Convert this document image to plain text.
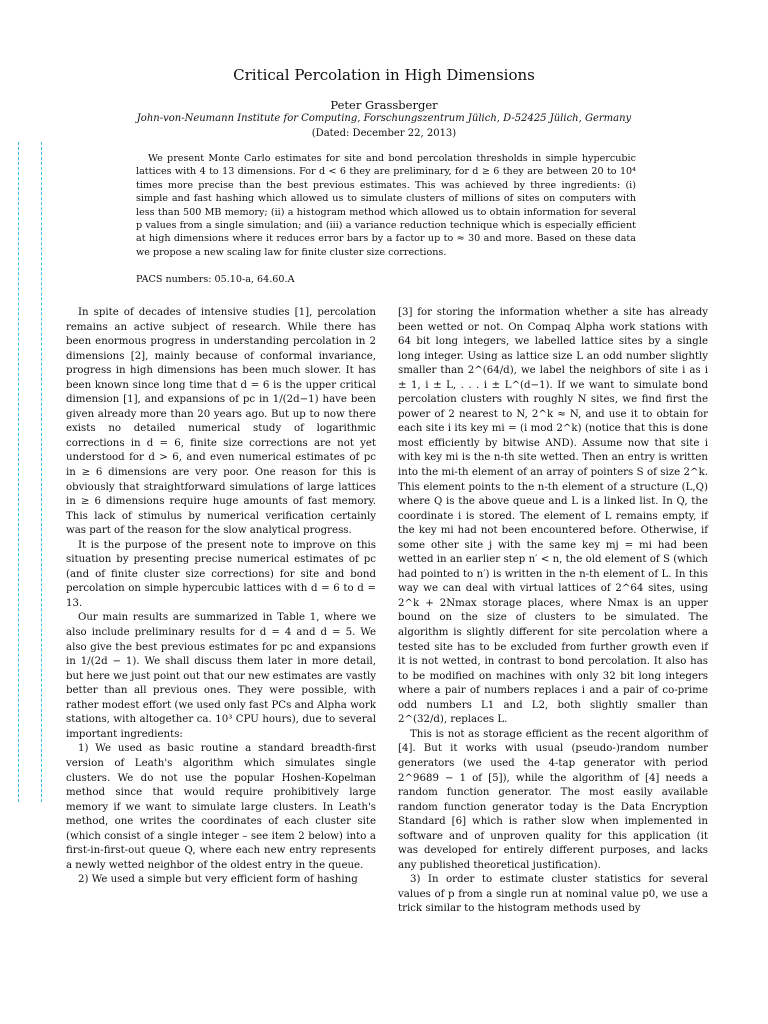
Critical Percolation in High Dimensions
Peter Grassberger
John-von-Neumann Institute for Computing, Forschungszentrum Jülich, D-52425 Jülich, Germany
(Dated: December 22, 2013)

We present Monte Carlo estimates for site and bond percolation thresholds in simple hypercubic lattices with 4 to 13 dimensions. For d < 6 they are preliminary, for d ≥ 6 they are between 20 to 10⁴ times more precise than the best previous estimates. This was achieved by three ingredients: (i) simple and fast hashing which allowed us to simulate clusters of millions of sites on computers with less than 500 MB memory; (ii) a histogram method which allowed us to obtain information for several p values from a single simulation; and (iii) a variance reduction technique which is especially efficient at high dimensions where it reduces error bars by a factor up to ≈ 30 and more. Based on these data we propose a new scaling law for finite cluster size corrections.

PACS numbers: 05.10-a, 64.60.A

In spite of decades of intensive studies [1], percolation remains an active subject of research. While there has been enormous progress in understanding percolation in 2 dimensions [2], mainly because of conformal invariance, progress in high dimensions has been much slower. It has been known since long time that d = 6 is the upper critical dimension [1], and expansions of pc in 1/(2d−1) have been given already more than 20 years ago. But up to now there exists no detailed numerical study of logarithmic corrections in d = 6, finite size corrections are not yet understood for d > 6, and even numerical estimates of pc in ≥ 6 dimensions are very poor. One reason for this is obviously that straightforward simulations of large lattices in ≥ 6 dimensions require huge amounts of fast memory. This lack of stimulus by numerical verification certainly was part of the reason for the slow analytical progress.

It is the purpose of the present note to improve on this situation by presenting precise numerical estimates of pc (and of finite cluster size corrections) for site and bond percolation on simple hypercubic lattices with d = 6 to d = 13.

Our main results are summarized in Table 1, where we also include preliminary results for d = 4 and d = 5. We also give the best previous estimates for pc and expansions in 1/(2d − 1). We shall discuss them later in more detail, but here we just point out that our new estimates are vastly better than all previous ones. They were possible, with rather modest effort (we used only fast PCs and Alpha work stations, with altogether ca. 10³ CPU hours), due to several important ingredients:

1) We used as basic routine a standard breadth-first version of Leath's algorithm which simulates single clusters. We do not use the popular Hoshen-Kopelman method since that would require prohibitively large memory if we want to simulate large clusters. In Leath's method, one writes the coordinates of each cluster site (which consist of a single integer – see item 2 below) into a first-in-first-out queue Q, where each new entry represents a newly wetted neighbor of the oldest entry in the queue.

2) We used a simple but very efficient form of hashing

[3] for storing the information whether a site has already been wetted or not. On Compaq Alpha work stations with 64 bit long integers, we labelled lattice sites by a single long integer. Using as lattice size L an odd number slightly smaller than 2^(64/d), we label the neighbors of site i as i ± 1, i ± L, . . . i ± L^(d−1). If we want to simulate bond percolation clusters with roughly N sites, we find first the power of 2 nearest to N, 2^k ≈ N, and use it to obtain for each site i its key mi = (i mod 2^k) (notice that this is done most efficiently by bitwise AND). Assume now that site i with key mi is the n-th site wetted. Then an entry is written into the mi-th element of an array of pointers S of size 2^k. This element points to the n-th element of a structure (L,Q) where Q is the above queue and L is a linked list. In Q, the coordinate i is stored. The element of L remains empty, if the key mi had not been encountered before. Otherwise, if some other site j with the same key mj = mi had been wetted in an earlier step n′ < n, the old element of S (which had pointed to n′) is written in the n-th element of L. In this way we can deal with virtual lattices of 2^64 sites, using 2^k + 2Nmax storage places, where Nmax is an upper bound on the size of clusters to be simulated. The algorithm is slightly different for site percolation where a tested site has to be excluded from further growth even if it is not wetted, in contrast to bond percolation. It also has to be modified on machines with only 32 bit long integers where a pair of numbers replaces i and a pair of co-prime odd numbers L1 and L2, both slightly smaller than 2^(32/d), replaces L.

This is not as storage efficient as the recent algorithm of [4]. But it works with usual (pseudo-)random number generators (we used the 4-tap generator with period 2^9689 − 1 of [5]), while the algorithm of [4] needs a random function generator. The most easily available random function generator today is the Data Encryption Standard [6] which is rather slow when implemented in software and of unproven quality for this application (it was developed for entirely different purposes, and lacks any published theoretical justification).

3) In order to estimate cluster statistics for several values of p from a single run at nominal value p0, we use a trick similar to the histogram methods used by
